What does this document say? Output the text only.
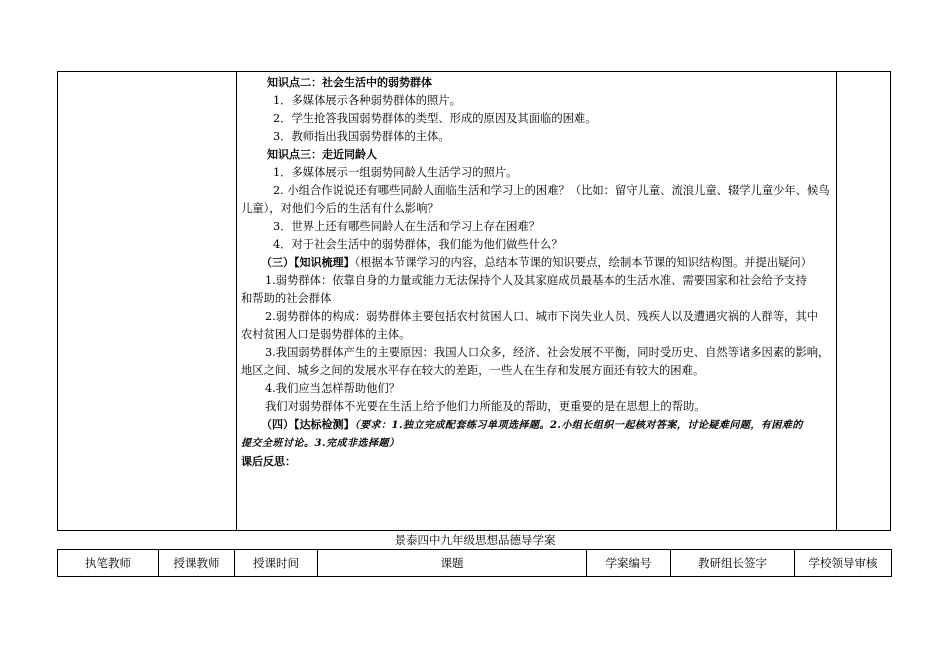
知识点二：社会生活中的弱势群体

1．多媒体展示各种弱势群体的照片。

2．学生抢答我国弱势群体的类型、形成的原因及其面临的困难。

3．教师指出我国弱势群体的主体。

知识点三：走近同龄人

1．多媒体展示一组弱势同龄人生活学习的照片。

2. 小组合作说说还有哪些同龄人面临生活和学习上的困难？（比如：留守儿童、流浪儿童、辍学儿童少年、候鸟

儿童），对他们今后的生活有什么影响？

3．世界上还有哪些同龄人在生活和学习上存在困难？

4．对于社会生活中的弱势群体，我们能为他们做些什么？

（三）【知识梳理】（根据本节课学习的内容，总结本节课的知识要点，绘制本节课的知识结构图。并提出疑问）

1.弱势群体：依靠自身的力量或能力无法保持个人及其家庭成员最基本的生活水准、需要国家和社会给予支持

和帮助的社会群体

2.弱势群体的构成：弱势群体主要包括农村贫困人口、城市下岗失业人员、残疾人以及遭遇灾祸的人群等，其中

农村贫困人口是弱势群体的主体。

3.我国弱势群体产生的主要原因：我国人口众多，经济、社会发展不平衡，同时受历史、自然等诸多因素的影响，

地区之间、城乡之间的发展水平存在较大的差距，一些人在生存和发展方面还有较大的困难。

4.我们应当怎样帮助他们？

我们对弱势群体不光要在生活上给予他们力所能及的帮助，更重要的是在思想上的帮助。

（四）【达标检测】（要求：1.独立完成配套练习单项选择题。2.小组长组织一起核对答案，讨论疑难问题，有困难的

提交全班讨论。3.完成非选择题）

课后反思：

景泰四中九年级思想品德导学案
执笔教师	授课教师	授课时间	课题	学案编号	教研组长签字	学校领导审核
